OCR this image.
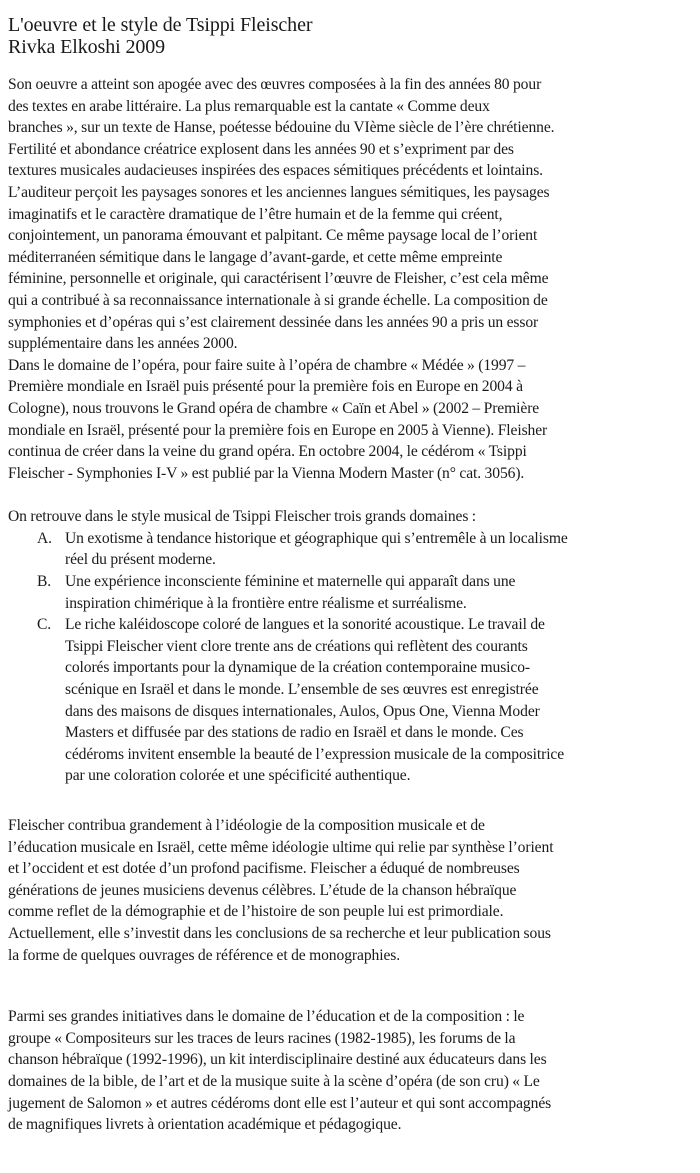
L'oeuvre et le style de Tsippi Fleischer
Rivka Elkoshi 2009

Son oeuvre a atteint son apogée avec des œuvres composées à la fin des années 80 pour
des textes en arabe littéraire. La plus remarquable est la cantate « Comme deux
branches », sur un texte de Hanse, poétesse bédouine du VIème siècle de l’ère chrétienne.
Fertilité et abondance créatrice explosent dans les années 90 et s’expriment par des
textures musicales audacieuses inspirées des espaces sémitiques précédents et lointains.
L’auditeur perçoit les paysages sonores et les anciennes langues sémitiques, les paysages
imaginatifs et le caractère dramatique de l’être humain et de la femme qui créent,
conjointement, un panorama émouvant et palpitant. Ce même paysage local de l’orient
méditerranéen sémitique dans le langage d’avant-garde, et cette même empreinte
féminine, personnelle et originale, qui caractérisent l’œuvre de Fleisher, c’est cela même
qui a contribué à sa reconnaissance internationale à si grande échelle. La composition de
symphonies et d’opéras qui s’est clairement dessinée dans les années 90 a pris un essor
supplémentaire dans les années 2000.

Dans le domaine de l’opéra, pour faire suite à l’opéra de chambre « Médée » (1997 –
Première mondiale en Israël puis présenté pour la première fois en Europe en 2004 à
Cologne), nous trouvons le Grand opéra de chambre « Caïn et Abel » (2002 – Première
mondiale en Israël, présenté pour la première fois en Europe en 2005 à Vienne). Fleisher
continua de créer dans la veine du grand opéra. En octobre 2004, le cédérom « Tsippi
Fleischer - Symphonies I-V » est publié par la Vienna Modern Master (n° cat. 3056).

On retrouve dans le style musical de Tsippi Fleischer trois grands domaines :

A. Un exotisme à tendance historique et géographique qui s’entremêle à un localisme
réel du présent moderne.
B. Une expérience inconsciente féminine et maternelle qui apparaît dans une
inspiration chimérique à la frontière entre réalisme et surréalisme.
C. Le riche kaléidoscope coloré de langues et la sonorité acoustique. Le travail de
Tsippi Fleischer vient clore trente ans de créations qui reflètent des courants
colorés importants pour la dynamique de la création contemporaine musico-
scénique en Israël et dans le monde. L’ensemble de ses œuvres est enregistrée
dans des maisons de disques internationales, Aulos, Opus One, Vienna Moder
Masters et diffusée par des stations de radio en Israël et dans le monde. Ces
cédéroms invitent ensemble la beauté de l’expression musicale de la compositrice
par une coloration colorée et une spécificité authentique.

Fleischer contribua grandement à l’idéologie de la composition musicale et de
l’éducation musicale en Israël, cette même idéologie ultime qui relie par synthèse l’orient
et l’occident et est dotée d’un profond pacifisme. Fleischer a éduqué de nombreuses
générations de jeunes musiciens devenus célèbres. L’étude de la chanson hébraïque
comme reflet de la démographie et de l’histoire de son peuple lui est primordiale.
Actuellement, elle s’investit dans les conclusions de sa recherche et leur publication sous
la forme de quelques ouvrages de référence et de monographies.

Parmi ses grandes initiatives dans le domaine de l’éducation et de la composition : le
groupe « Compositeurs sur les traces de leurs racines (1982-1985), les forums de la
chanson hébraïque (1992-1996), un kit interdisciplinaire destiné aux éducateurs dans les
domaines de la bible, de l’art et de la musique suite à la scène d’opéra (de son cru) « Le
jugement de Salomon » et autres cédéroms dont elle est l’auteur et qui sont accompagnés
de magnifiques livrets à orientation académique et pédagogique.
